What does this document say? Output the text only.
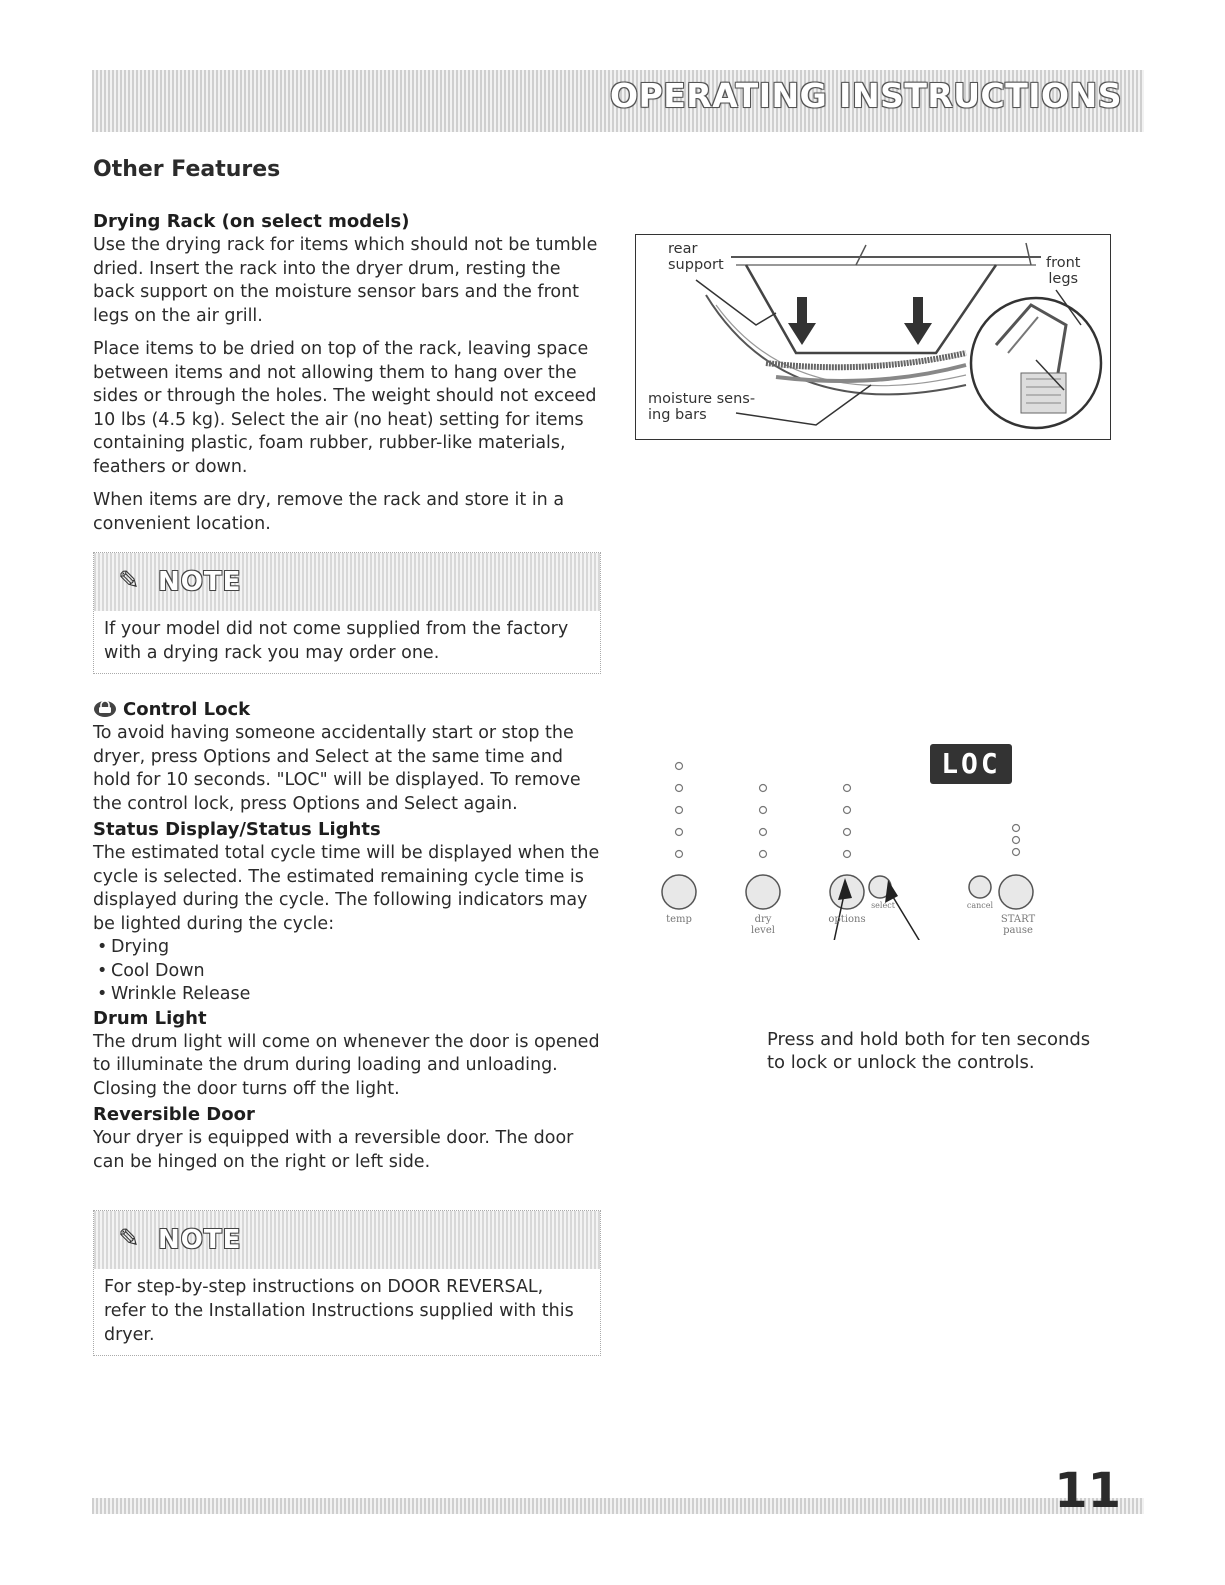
OPERATING INSTRUCTIONS
Other Features
Drying Rack (on select models)

Use the drying rack for items which should not be tumble dried. Insert the rack into the dryer drum, resting the back support on the moisture sensor bars and the front legs on the air grill.

Place items to be dried on top of the rack, leaving space between items and not allowing them to hang over the sides or through the holes. The weight should not exceed 10 lbs (4.5 kg). Select the air (no heat) setting for items containing plastic, foam rubber, rubber-like materials, feathers or down.

When items are dry, remove the rack and store it in a convenient location.

✎ NOTE
If your model did not come supplied from the factory with a drying rack you may order one.
Control Lock

To avoid having someone accidentally start or stop the dryer, press Options and Select at the same time and hold for 10 seconds. "LOC" will be displayed. To remove the control lock, press Options and Select again.

Status Display/Status Lights

The estimated total cycle time will be displayed when the cycle is selected. The estimated remaining cycle time is displayed during the cycle. The following indicators may be lighted during the cycle:

• Drying
• Cool Down
• Wrinkle Release
Drum Light

The drum light will come on whenever the door is opened to illuminate the drum during loading and unloading. Closing the door turns off the light.

Reversible Door

Your dryer is equipped with a reversible door. The door can be hinged on the right or left side.

✎ NOTE
For step-by-step instructions on DOOR REVERSAL, refer to the Installation Instructions supplied with this dryer.
rear
support	front
legs
moisture sens-
ing bars
LOC
temp	dry
level
options
select	cancel
START
pause
Press and hold both for ten seconds to lock or unlock the controls.
11
